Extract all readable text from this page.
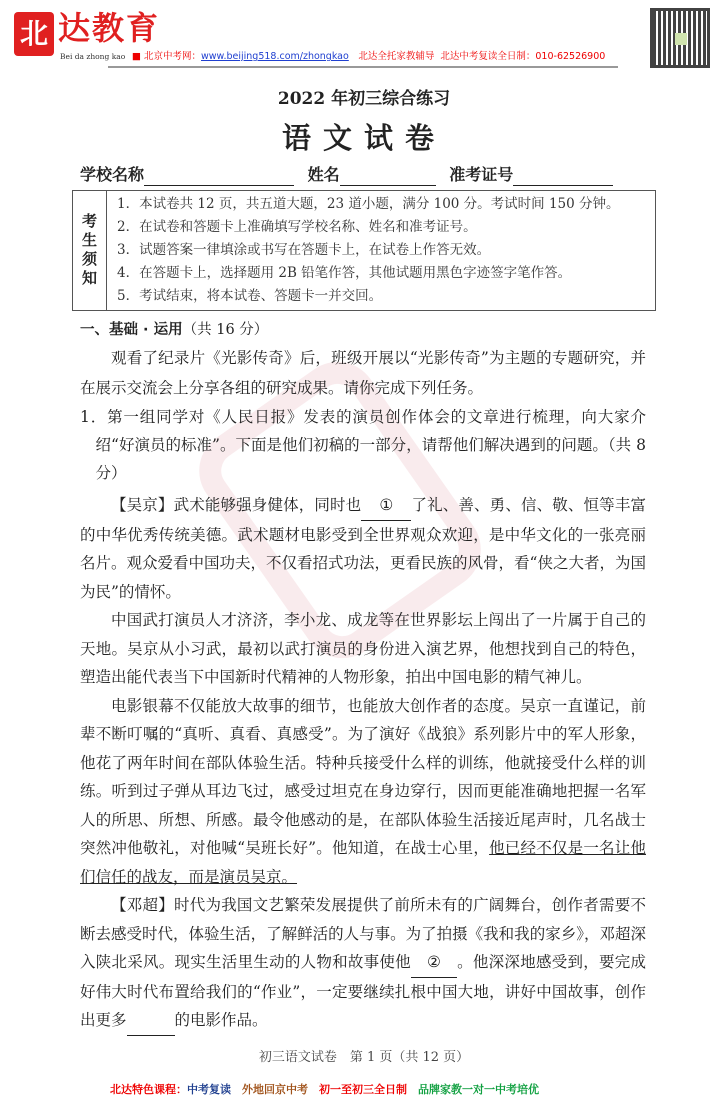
北 达教育
Bei da zhong kao ■ 北京中考网：www.beijing518.com/zhongkao　 北达全托家教辅导 北达中考复读全日制：010-62526900
2022 年初三综合练习
语文试卷
学校名称	姓名	准考证号
考生须知
1．本试卷共 12 页，共五道大题，23 道小题，满分 100 分。考试时间 150 分钟。
2．在试卷和答题卡上准确填写学校名称、姓名和准考证号。
3．试题答案一律填涂或书写在答题卡上，在试卷上作答无效。
4．在答题卡上，选择题用 2B 铅笔作答，其他试题用黑色字迹签字笔作答。
5．考试结束，将本试卷、答题卡一并交回。
一、基础 · 运用（共 16 分）
观看了纪录片《光影传奇》后，班级开展以“光影传奇”为主题的专题研究，并在展示交流会上分享各组的研究成果。请你完成下列任务。
1．第一组同学对《人民日报》发表的演员创作体会的文章进行梳理，向大家介绍“好演员的标准”。下面是他们初稿的一部分，请帮他们解决遇到的问题。（共 8 分）
【吴京】武术能够强身健体，同时也 ① 了礼、善、勇、信、敬、恒等丰富的中华优秀传统美德。武术题材电影受到全世界观众欢迎，是中华文化的一张亮丽名片。观众爱看中国功夫，不仅看招式功法，更看民族的风骨，看“侠之大者，为国为民”的情怀。
中国武打演员人才济济，李小龙、成龙等在世界影坛上闯出了一片属于自己的天地。吴京从小习武，最初以武打演员的身份进入演艺界，他想找到自己的特色，塑造出能代表当下中国新时代精神的人物形象，拍出中国电影的精气神儿。
电影银幕不仅能放大故事的细节，也能放大创作者的态度。吴京一直谨记，前辈不断叮嘱的“真听、真看、真感受”。为了演好《战狼》系列影片中的军人形象，他花了两年时间在部队体验生活。特种兵接受什么样的训练，他就接受什么样的训练。听到过子弹从耳边飞过，感受过坦克在身边穿行，因而更能准确地把握一名军人的所思、所想、所感。最令他感动的是，在部队体验生活接近尾声时，几名战士突然冲他敬礼，对他喊“吴班长好”。他知道，在战士心里，他已经不仅是一名让他们信任的战友，而是演员吴京。
【邓超】时代为我国文艺繁荣发展提供了前所未有的广阔舞台，创作者需要不断去感受时代，体验生活，了解鲜活的人与事。为了拍摄《我和我的家乡》，邓超深入陕北采风。现实生活里生动的人物和故事使他 ② 。他深深地感受到，要完成好伟大时代布置给我们的“作业”，一定要继续扎根中国大地，讲好中国故事，创作出更多	的电影作品。
初三语文试卷　第 1 页（共 12 页）
北达特色课程：中考复读　 外地回京中考　 初一至初三全日制　 品牌家教一对一中考培优
